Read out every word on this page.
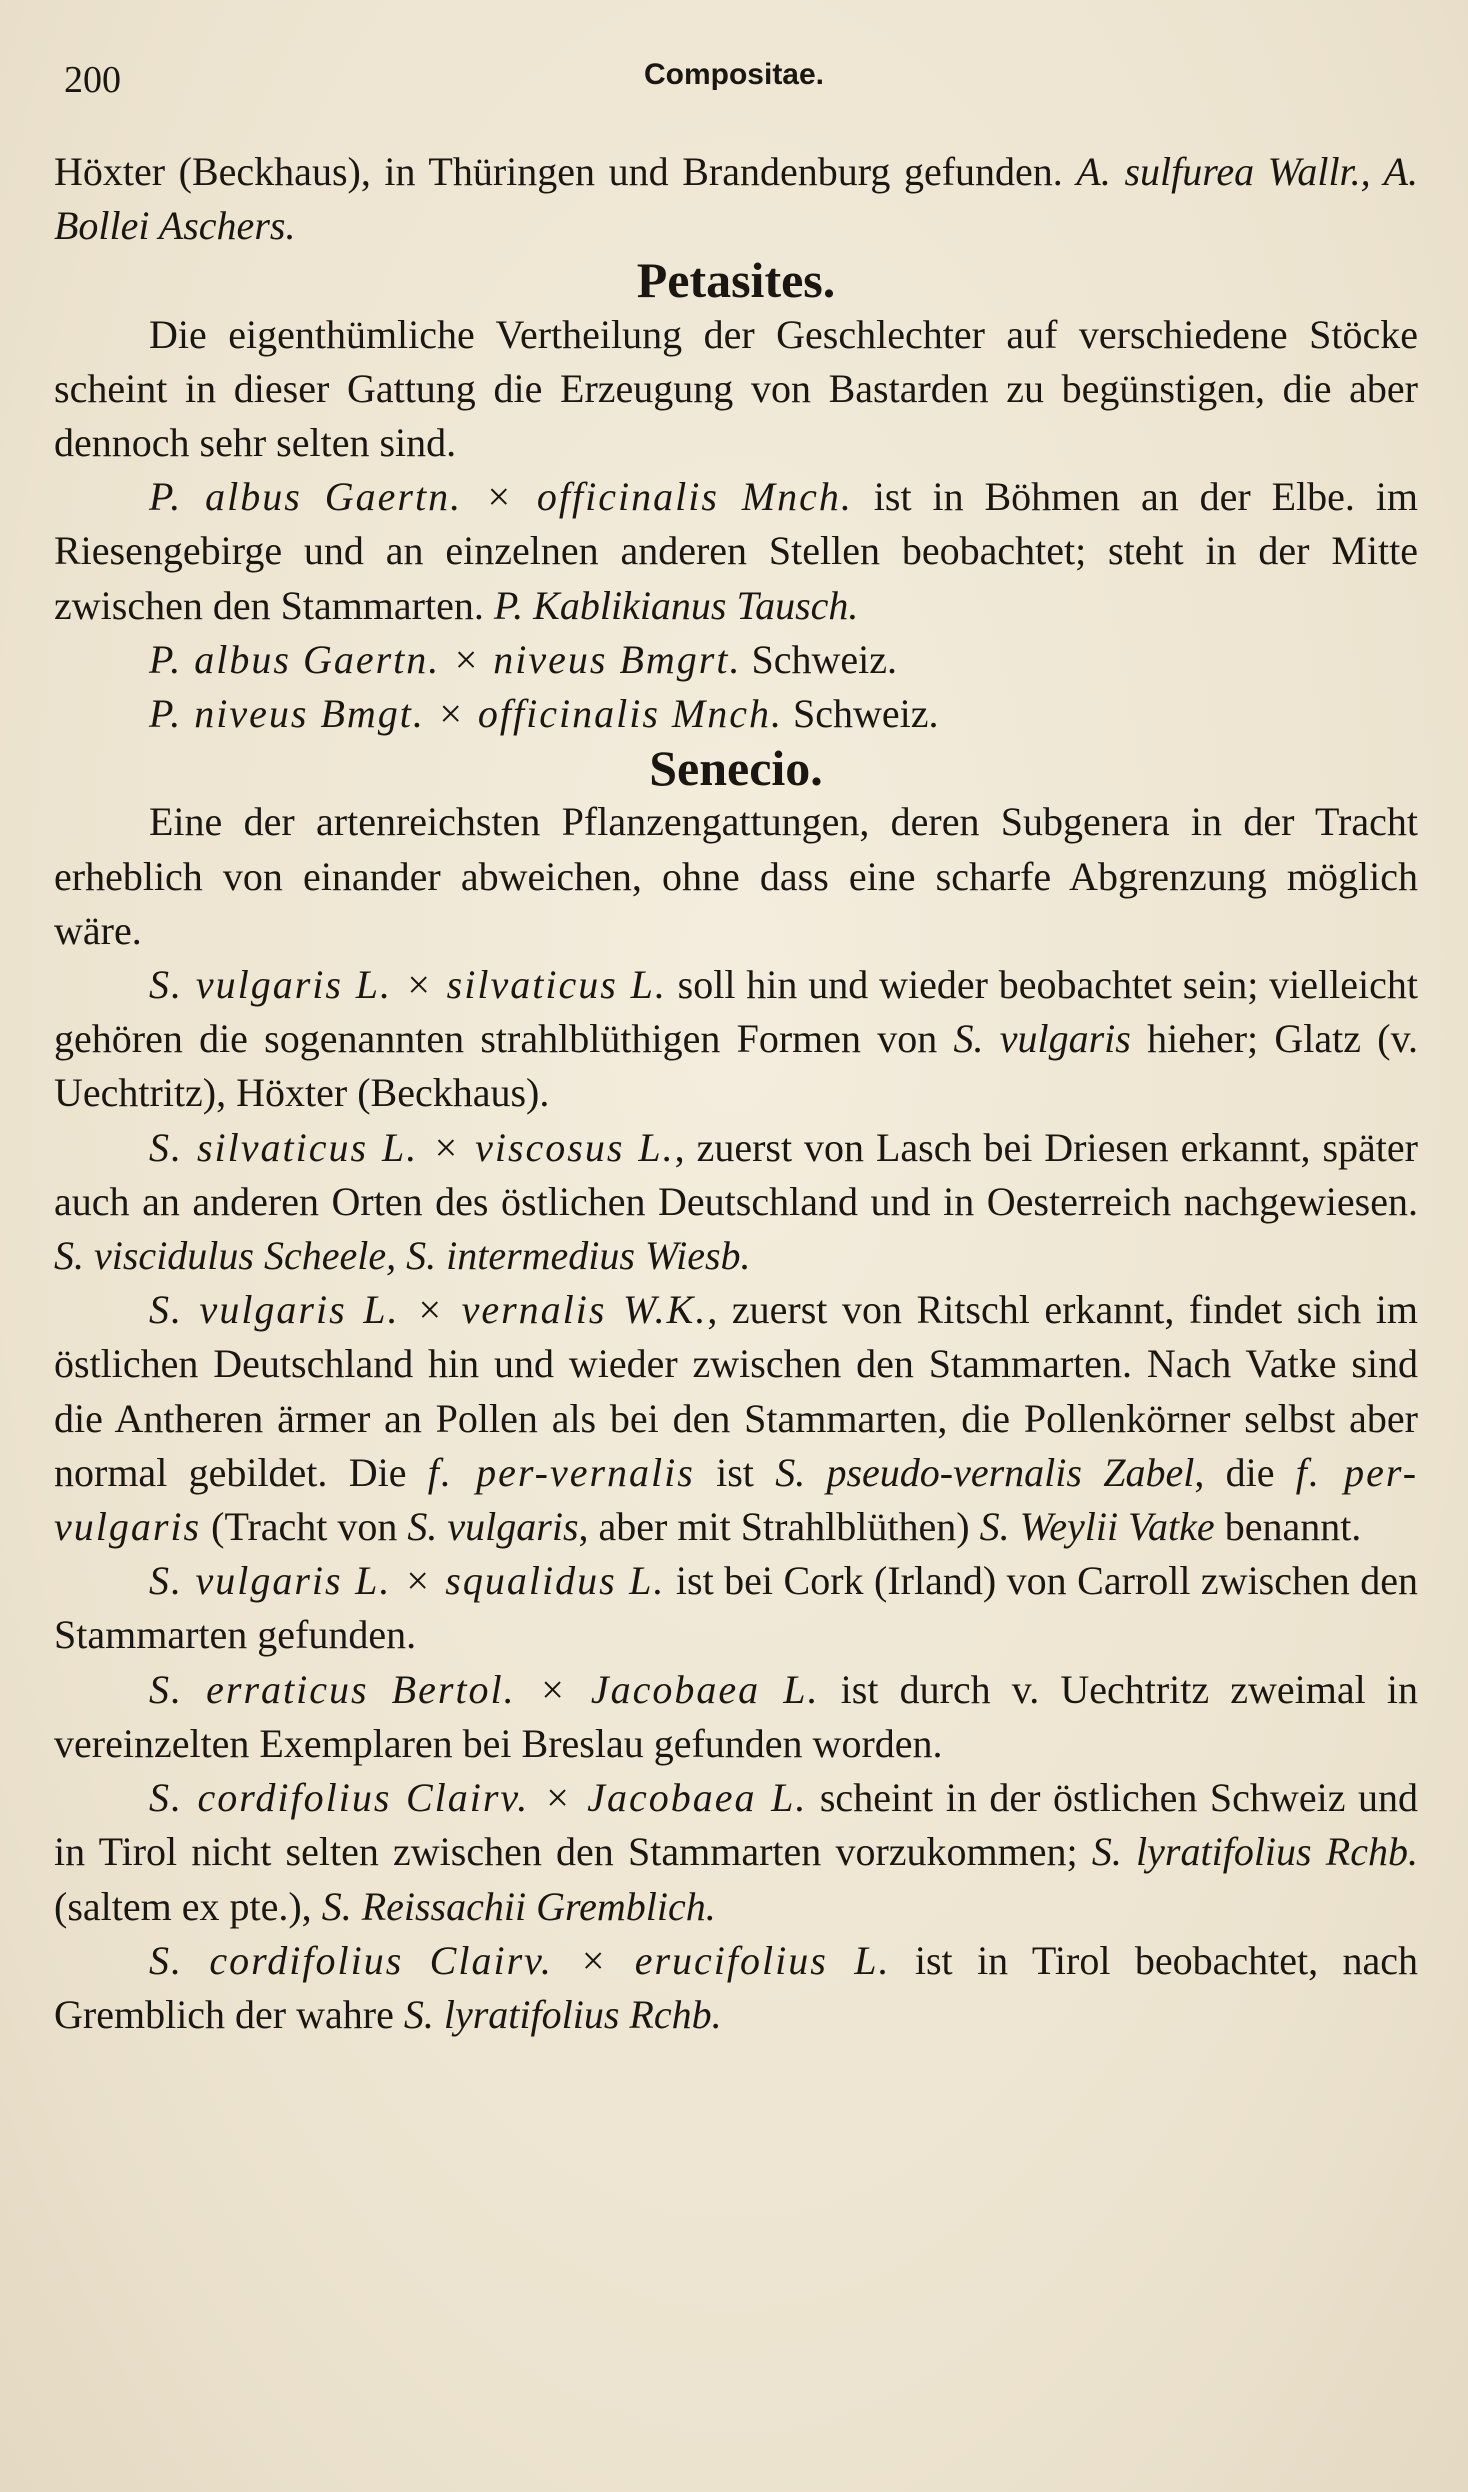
200	Compositae.

Höxter (Beckhaus), in Thüringen und Brandenburg gefunden. A. sulfurea Wallr., A. Bollei Aschers.

Petasites.

Die eigenthümliche Vertheilung der Geschlechter auf verschiedene Stöcke scheint in dieser Gattung die Erzeugung von Bastarden zu begünstigen, die aber dennoch sehr selten sind.

P. albus Gaertn. × officinalis Mnch. ist in Böhmen an der Elbe. im Riesengebirge und an einzelnen anderen Stellen beobachtet; steht in der Mitte zwischen den Stammarten. P. Kablikianus Tausch.

P. albus Gaertn. × niveus Bmgrt. Schweiz.

P. niveus Bmgt. × officinalis Mnch. Schweiz.

Senecio.

Eine der artenreichsten Pflanzengattungen, deren Subgenera in der Tracht erheblich von einander abweichen, ohne dass eine scharfe Abgrenzung möglich wäre.

S. vulgaris L. × silvaticus L. soll hin und wieder beobachtet sein; vielleicht gehören die sogenannten strahlblüthigen Formen von S. vulgaris hieher; Glatz (v. Uechtritz), Höxter (Beckhaus).

S. silvaticus L. × viscosus L., zuerst von Lasch bei Driesen erkannt, später auch an anderen Orten des östlichen Deutschland und in Oesterreich nachgewiesen. S. viscidulus Scheele, S. intermedius Wiesb.

S. vulgaris L. × vernalis W.K., zuerst von Ritschl erkannt, findet sich im östlichen Deutschland hin und wieder zwischen den Stammarten. Nach Vatke sind die Antheren ärmer an Pollen als bei den Stammarten, die Pollenkörner selbst aber normal gebildet. Die f. per-vernalis ist S. pseudo-vernalis Zabel, die f. per-vulgaris (Tracht von S. vulgaris, aber mit Strahlblüthen) S. Weylii Vatke benannt.

S. vulgaris L. × squalidus L. ist bei Cork (Irland) von Carroll zwischen den Stammarten gefunden.

S. erraticus Bertol. × Jacobaea L. ist durch v. Uechtritz zweimal in vereinzelten Exemplaren bei Breslau gefunden worden.

S. cordifolius Clairv. × Jacobaea L. scheint in der östlichen Schweiz und in Tirol nicht selten zwischen den Stammarten vorzukommen; S. lyratifolius Rchb. (saltem ex pte.), S. Reissachii Gremblich.

S. cordifolius Clairv. × erucifolius L. ist in Tirol beobachtet, nach Gremblich der wahre S. lyratifolius Rchb.
